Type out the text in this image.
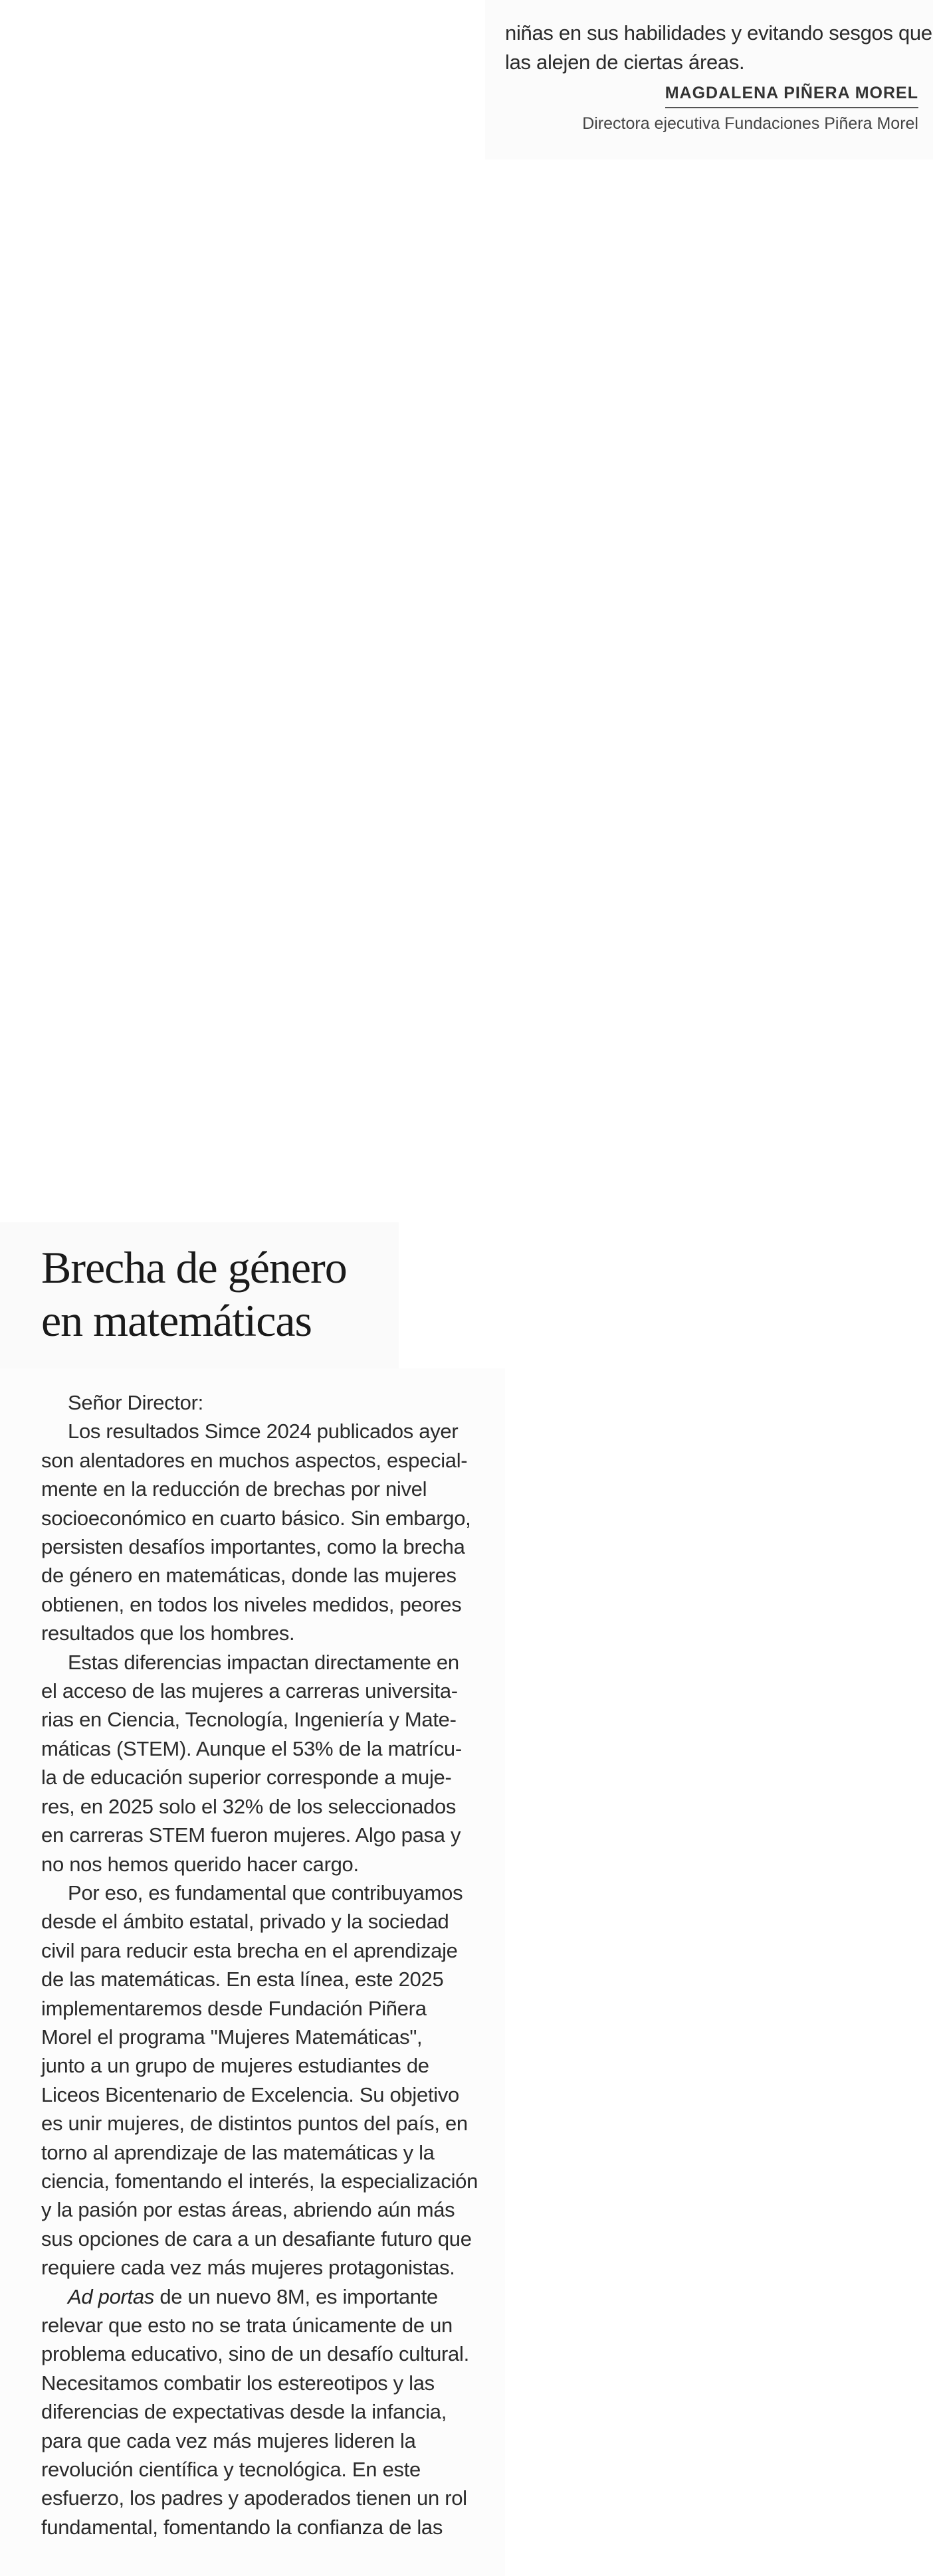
niñas en sus habilidades y evitando sesgos que

las alejen de ciertas áreas.

MAGDALENA PIÑERA MOREL
Directora ejecutiva Fundaciones Piñera Morel
Brecha de género
en matemáticas

Señor Director:

Los resultados Simce 2024 publicados ayer

son alentadores en muchos aspectos, especial-

mente en la reducción de brechas por nivel

socioeconómico en cuarto básico. Sin embargo,

persisten desafíos importantes, como la brecha

de género en matemáticas, donde las mujeres

obtienen, en todos los niveles medidos, peores

resultados que los hombres.

Estas diferencias impactan directamente en

el acceso de las mujeres a carreras universita-

rias en Ciencia, Tecnología, Ingeniería y Mate-

máticas (STEM). Aunque el 53% de la matrícu-

la de educación superior corresponde a muje-

res, en 2025 solo el 32% de los seleccionados

en carreras STEM fueron mujeres. Algo pasa y

no nos hemos querido hacer cargo.

Por eso, es fundamental que contribuyamos

desde el ámbito estatal, privado y la sociedad

civil para reducir esta brecha en el aprendizaje

de las matemáticas. En esta línea, este 2025

implementaremos desde Fundación Piñera

Morel el programa "Mujeres Matemáticas",

junto a un grupo de mujeres estudiantes de

Liceos Bicentenario de Excelencia. Su objetivo

es unir mujeres, de distintos puntos del país, en

torno al aprendizaje de las matemáticas y la

ciencia, fomentando el interés, la especialización

y la pasión por estas áreas, abriendo aún más

sus opciones de cara a un desafiante futuro que

requiere cada vez más mujeres protagonistas.

Ad portas de un nuevo 8M, es importante

relevar que esto no se trata únicamente de un

problema educativo, sino de un desafío cultural.

Necesitamos combatir los estereotipos y las

diferencias de expectativas desde la infancia,

para que cada vez más mujeres lideren la

revolución científica y tecnológica. En este

esfuerzo, los padres y apoderados tienen un rol

fundamental, fomentando la confianza de las
